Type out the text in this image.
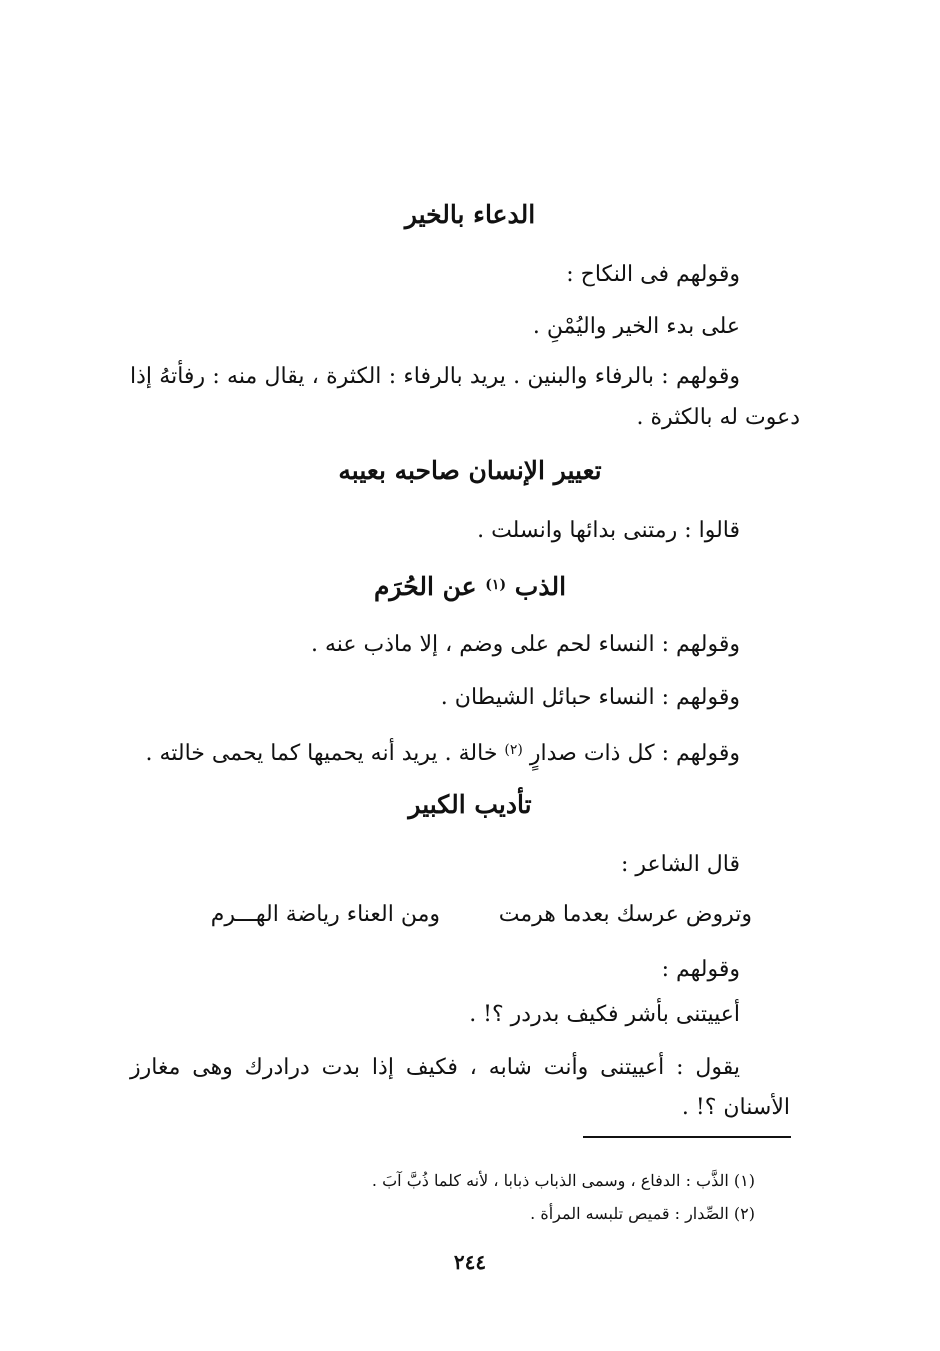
الدعاء بالخير
وقولهم فى النكاح :
على بدء الخير واليُمْنِ .
وقولهم : بالرفاء والبنين . يريد بالرفاء : الكثرة ، يقال منه : رفأتهُ إذا
دعوت له بالكثرة .
تعيير الإنسان صاحبه بعيبه
قالوا : رمتنى بدائها وانسلت .
الذب $^{(١)}$ عن الحُرَم
وقولهم : النساء لحم على وضم ، إلا ماذب عنه .
وقولهم : النساء حبائل الشيطان .
وقولهم : كل ذات صدارٍ $^{(٢)}$ خالة . يريد أنه يحميها كما يحمى خالته .
تأديب الكبير
قال الشاعر :
وتروض عرسك بعدما هرمت
ومن العناء رياضة الهـــرم
وقولهم :
أعييتنى بأشر فكيف بدردر ؟! .
يقول : أعييتنى وأنت شابه ، فكيف إذا بدت درادرك وهى مغارز
الأسنان ؟! .
(١) الذَّب : الدفاع ، وسمى الذباب ذبابا ، لأنه كلما ذُبَّ آبَ .
(٢) الصِّدار : قميص تلبسه المرأة .
٢٤٤
